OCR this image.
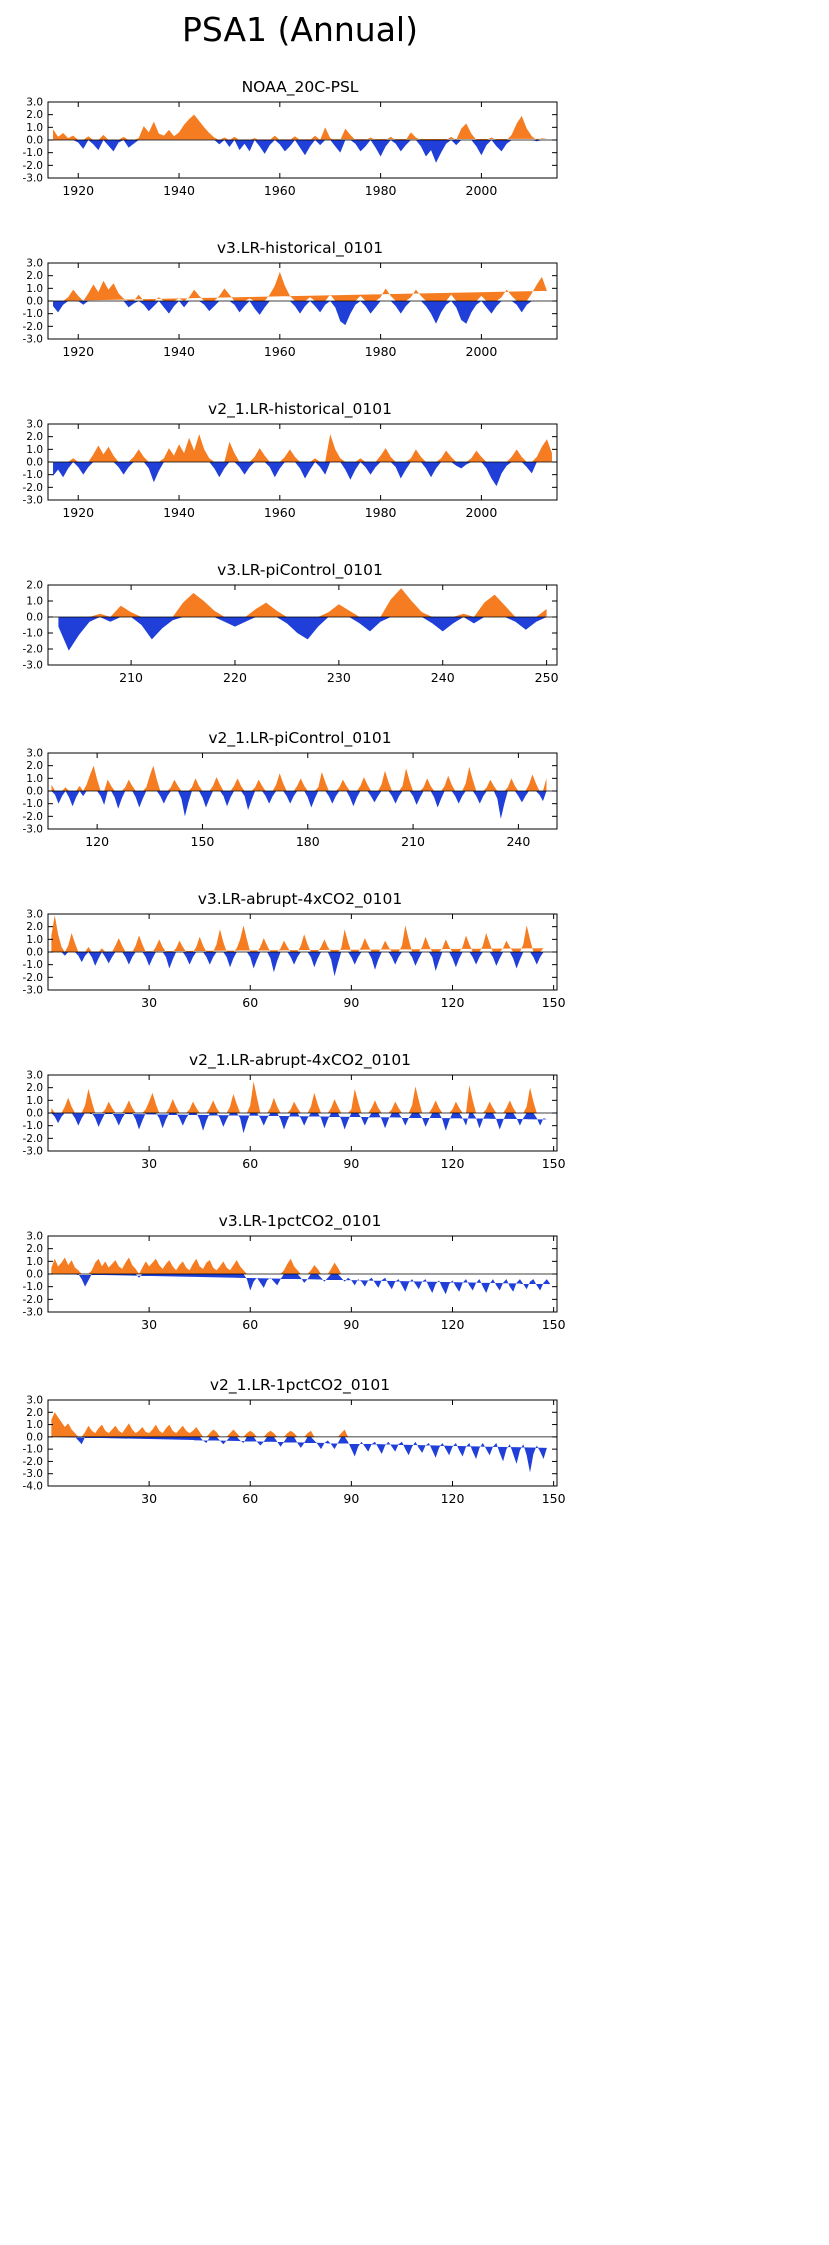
PSA1 (Annual)
NOAA_20C-PSL
-3.0
-2.0
-1.0
0.0
1.0
2.0
3.0
1920	1940	1960	1980	2000
v3.LR-historical_0101
-3.0
-2.0
-1.0
0.0
1.0
2.0
3.0
1920	1940	1960	1980	2000
v2_1.LR-historical_0101
-3.0
-2.0
-1.0
0.0
1.0
2.0
3.0
1920	1940	1960	1980	2000
v3.LR-piControl_0101
-3.0
-2.0
-1.0
0.0
1.0
2.0
210	220	230	240	250
v2_1.LR-piControl_0101
-3.0
-2.0
-1.0
0.0
1.0
2.0
3.0
120	150	180	210	240
v3.LR-abrupt-4xCO2_0101
-3.0
-2.0
-1.0
0.0
1.0
2.0
3.0
30	60	90	120	150
v2_1.LR-abrupt-4xCO2_0101
-3.0
-2.0
-1.0
0.0
1.0
2.0
3.0
30	60	90	120	150
v3.LR-1pctCO2_0101
-3.0
-2.0
-1.0
0.0
1.0
2.0
3.0
30	60	90	120	150
v2_1.LR-1pctCO2_0101
-4.0
-3.0
-2.0
-1.0
0.0
1.0
2.0
3.0
30	60	90	120	150
